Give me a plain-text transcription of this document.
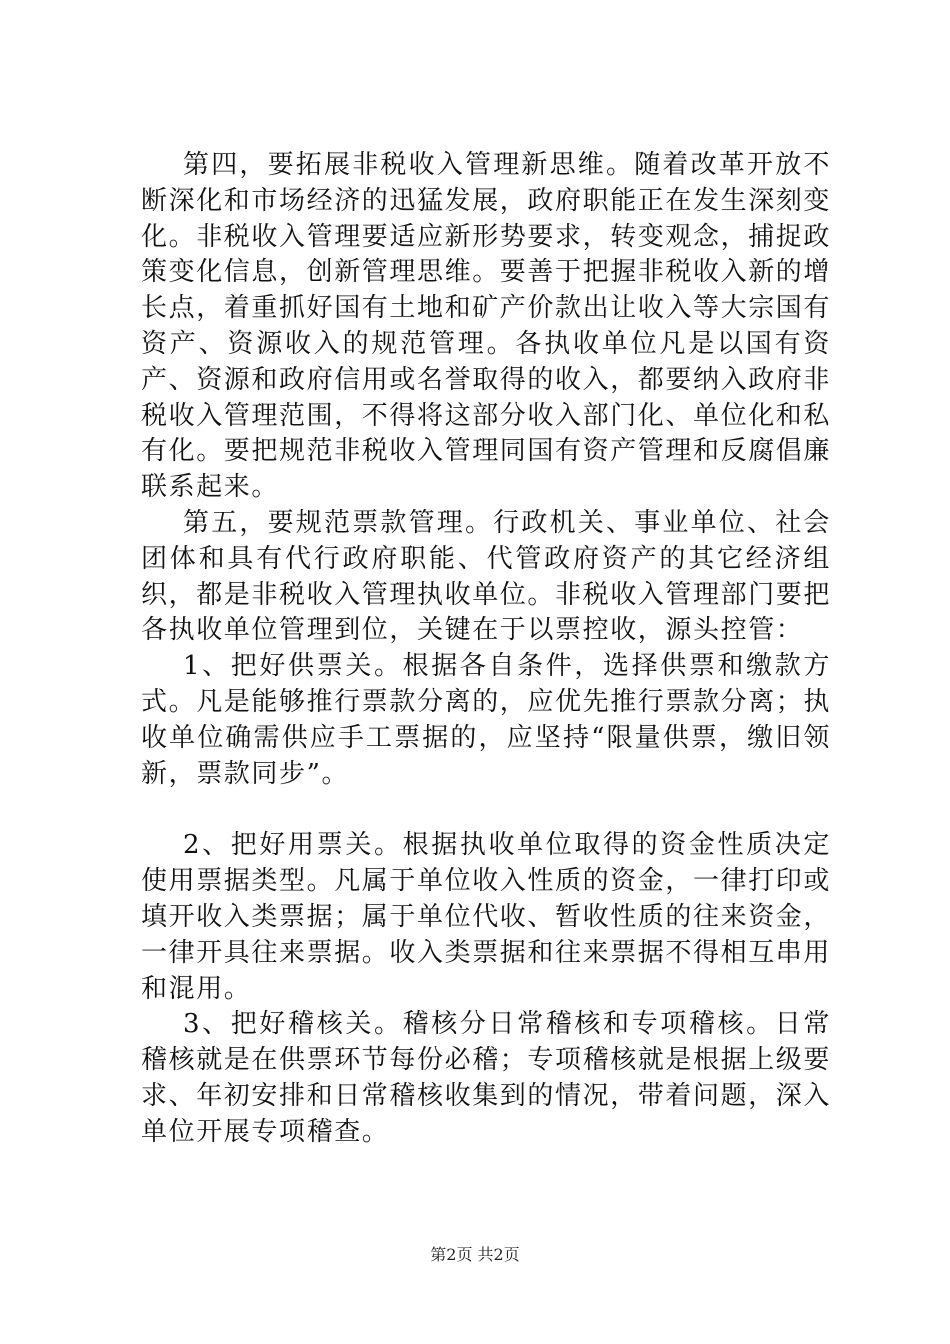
第四，要拓展非税收入管理新思维。随着改革开放不断深化和市场经济的迅猛发展，政府职能正在发生深刻变化。非税收入管理要适应新形势要求，转变观念，捕捉政策变化信息，创新管理思维。要善于把握非税收入新的增长点，着重抓好国有土地和矿产价款出让收入等大宗国有资产、资源收入的规范管理。各执收单位凡是以国有资产、资源和政府信用或名誉取得的收入，都要纳入政府非税收入管理范围，不得将这部分收入部门化、单位化和私有化。要把规范非税收入管理同国有资产管理和反腐倡廉联系起来。

第五，要规范票款管理。行政机关、事业单位、社会团体和具有代行政府职能、代管政府资产的其它经济组织，都是非税收入管理执收单位。非税收入管理部门要把各执收单位管理到位，关键在于以票控收，源头控管：

1、把好供票关。根据各自条件，选择供票和缴款方式。凡是能够推行票款分离的，应优先推行票款分离；执收单位确需供应手工票据的，应坚持“限量供票，缴旧领新，票款同步”。

2、把好用票关。根据执收单位取得的资金性质决定使用票据类型。凡属于单位收入性质的资金，一律打印或填开收入类票据；属于单位代收、暂收性质的往来资金，一律开具往来票据。收入类票据和往来票据不得相互串用和混用。

3、把好稽核关。稽核分日常稽核和专项稽核。日常稽核就是在供票环节每份必稽；专项稽核就是根据上级要求、年初安排和日常稽核收集到的情况，带着问题，深入单位开展专项稽查。

第2页 共2页
